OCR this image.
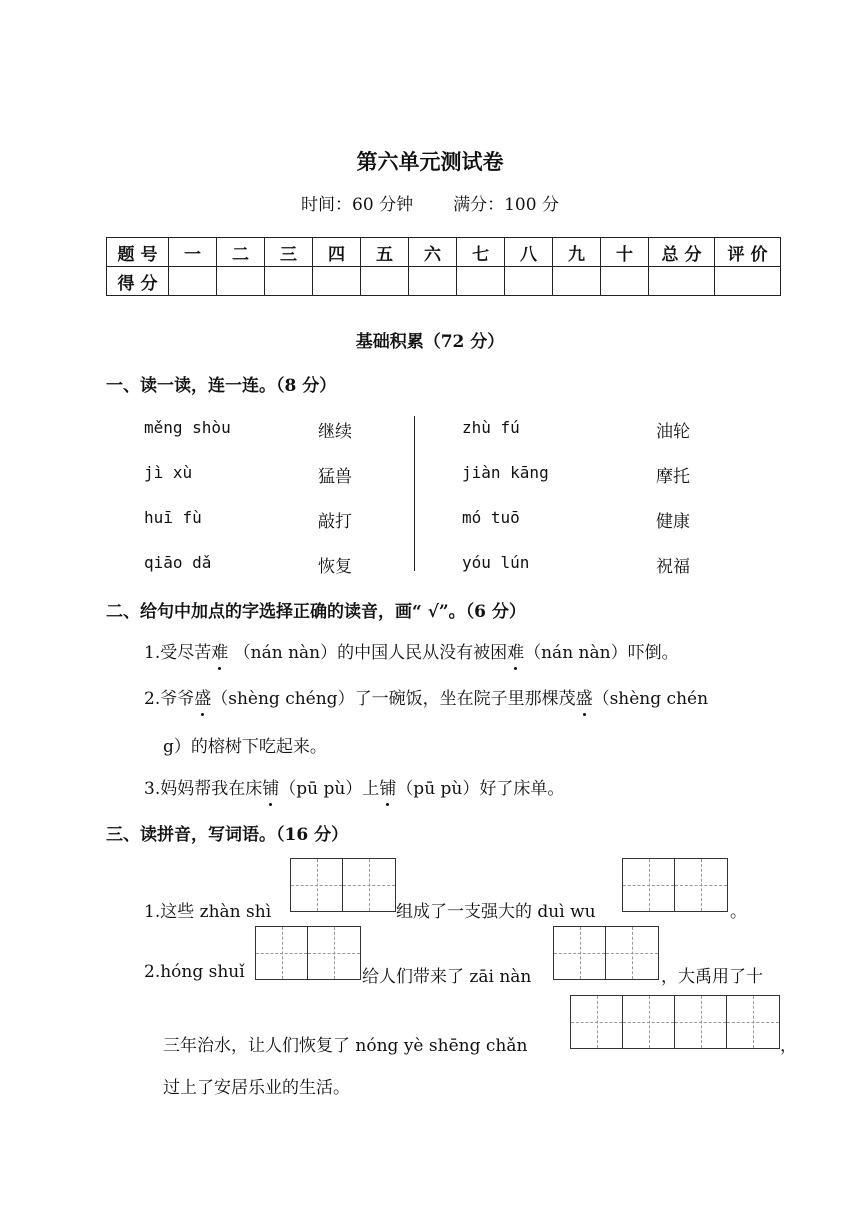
第六单元测试卷
时间：60 分钟 满分：100 分
题 号	一	二	三	四	五	六	七	八	九	十	总 分	评 价
得 分												
基础积累（72 分）
一、读一读，连一连。（8 分）
měng shòu	继续
jì xù	猛兽
huī fù	敲打
qiāo dǎ	恢复
zhù fú	油轮
jiàn kāng	摩托
mó tuō	健康
yóu lún	祝福
二、给句中加点的字选择正确的读音，画“ √”。（6 分）
1.受尽苦难 （nán nàn）的中国人民从没有被困难（nán nàn）吓倒。
2.爷爷盛（shèng chéng）了一碗饭，坐在院子里那棵茂盛（shèng chén
g）的榕树下吃起来。
3.妈妈帮我在床铺（pū pù）上铺（pū pù）好了床单。
三、读拼音，写词语。（16 分）
1.这些 zhàn shì	组成了一支强大的 duì wu	。
2.hóng shuǐ	给人们带来了 zāi nàn	，大禹用了十
三年治水，让人们恢复了 nóng yè shēng chǎn	，
过上了安居乐业的生活。
